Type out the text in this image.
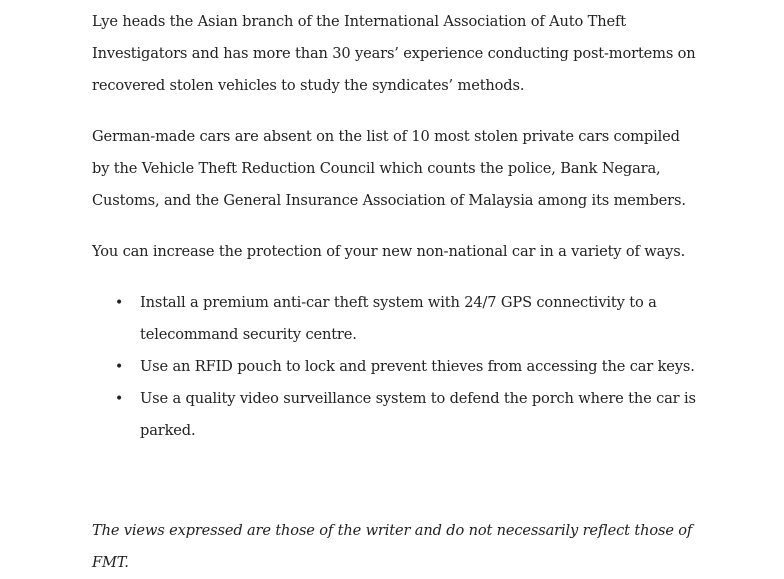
Lye heads the Asian branch of the International Association of Auto Theft Investigators and has more than 30 years’ experience conducting post-mortems on recovered stolen vehicles to study the syndicates’ methods.

German-made cars are absent on the list of 10 most stolen private cars compiled by the Vehicle Theft Reduction Council which counts the police, Bank Negara, Customs, and the General Insurance Association of Malaysia among its members.

You can increase the protection of your new non-national car in a variety of ways.

• Install a premium anti-car theft system with 24/7 GPS connectivity to a telecommand security centre.
• Use an RFID pouch to lock and prevent thieves from accessing the car keys.
• Use a quality video surveillance system to defend the porch where the car is parked.
The views expressed are those of the writer and do not necessarily reflect those of FMT.
